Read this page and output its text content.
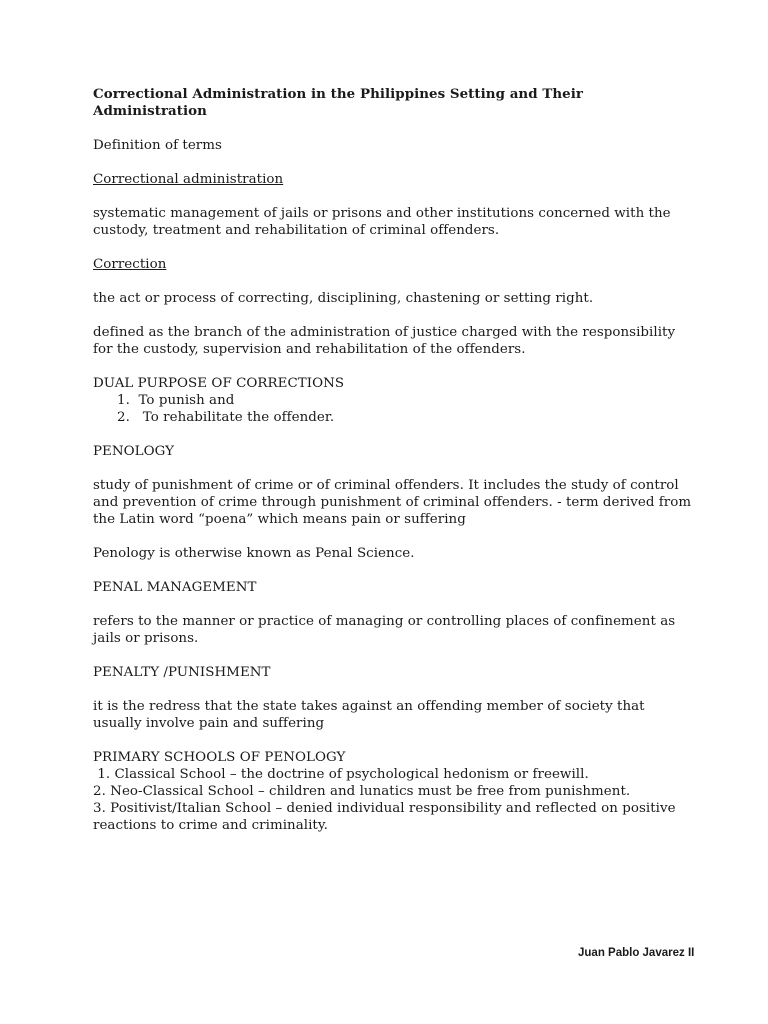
Correctional Administration in the Philippines Setting and Their Administration

Definition of terms

Correctional administration

systematic management of jails or prisons and other institutions concerned with the custody, treatment and rehabilitation of criminal offenders.

Correction

the act or process of correcting, disciplining, chastening or setting right.

defined as the branch of the administration of justice charged with the responsibility for the custody, supervision and rehabilitation of the offenders.

DUAL PURPOSE OF CORRECTIONS

1.  To punish and
2.   To rehabilitate the offender.

PENOLOGY

study of punishment of crime or of criminal offenders. It includes the study of control and prevention of crime through punishment of criminal offenders. - term derived from the Latin word “poena” which means pain or suffering

Penology is otherwise known as Penal Science.

PENAL MANAGEMENT

refers to the manner or practice of managing or controlling places of confinement as jails or prisons.

PENALTY /PUNISHMENT

it is the redress that the state takes against an offending member of society that usually involve pain and suffering

PRIMARY SCHOOLS OF PENOLOGY

1. Classical School – the doctrine of psychological hedonism or freewill.
2. Neo-Classical School – children and lunatics must be free from punishment.
3. Positivist/Italian School – denied individual responsibility and reflected on positive reactions to crime and criminality.
Juan Pablo Javarez II
